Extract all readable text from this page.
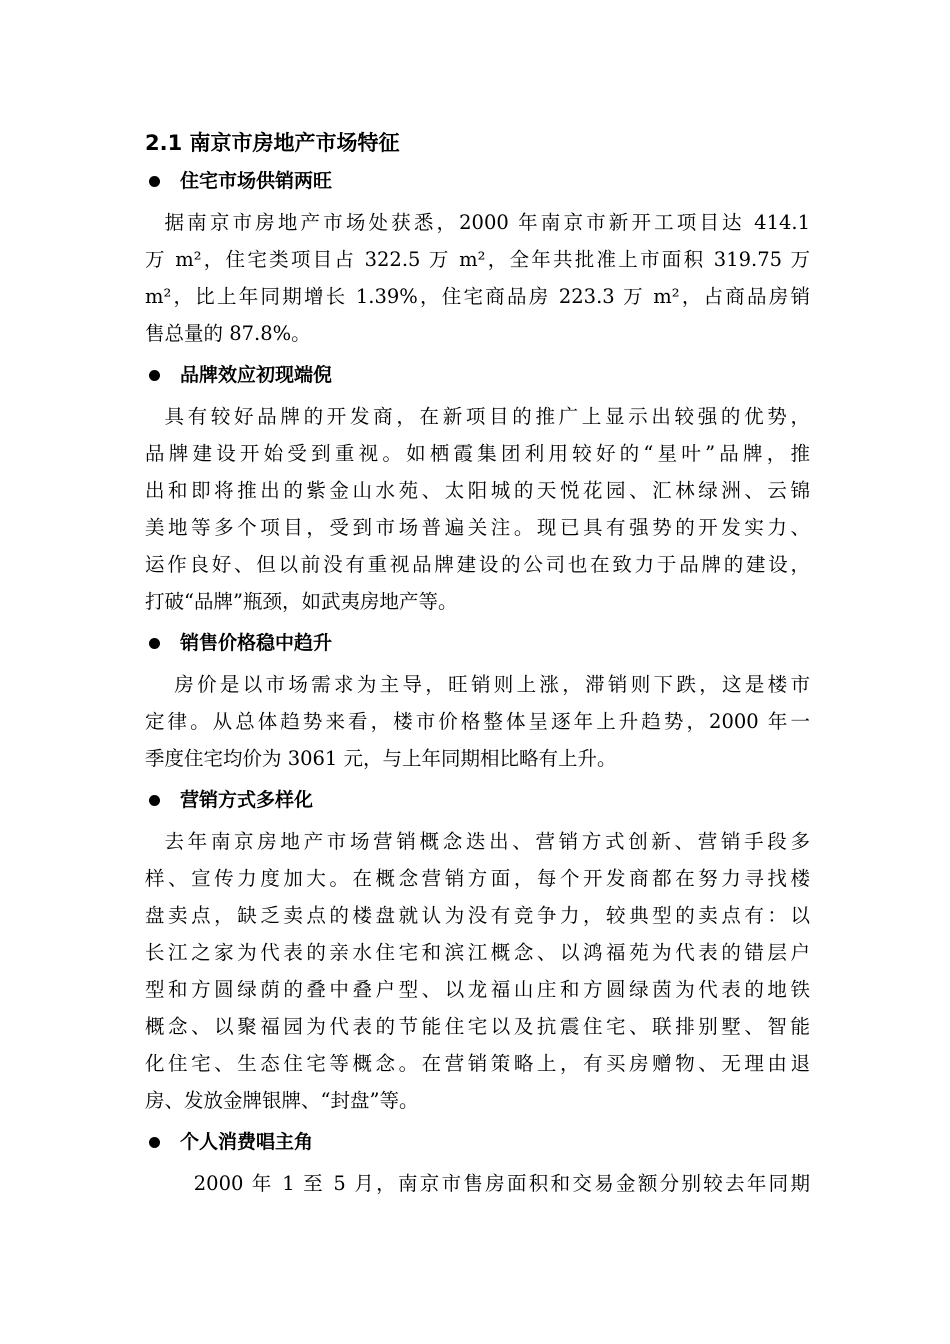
2.1 南京市房地产市场特征
住宅市场供销两旺
据南京市房地产市场处获悉，2000 年南京市新开工项目达 414.1
万 m²，住宅类项目占 322.5 万 m²，全年共批准上市面积 319.75 万
m²，比上年同期增长 1.39%，住宅商品房 223.3 万 m²，占商品房销
售总量的 87.8%。
品牌效应初现端倪
具有较好品牌的开发商，在新项目的推广上显示出较强的优势，
品牌建设开始受到重视。如栖霞集团利用较好的“星叶”品牌，推
出和即将推出的紫金山水苑、太阳城的天悦花园、汇林绿洲、云锦
美地等多个项目，受到市场普遍关注。现已具有强势的开发实力、
运作良好、但以前没有重视品牌建设的公司也在致力于品牌的建设，
打破“品牌”瓶颈，如武夷房地产等。
销售价格稳中趋升
房价是以市场需求为主导，旺销则上涨，滞销则下跌，这是楼市
定律。从总体趋势来看，楼市价格整体呈逐年上升趋势，2000 年一
季度住宅均价为 3061 元，与上年同期相比略有上升。
营销方式多样化
去年南京房地产市场营销概念迭出、营销方式创新、营销手段多
样、宣传力度加大。在概念营销方面，每个开发商都在努力寻找楼
盘卖点，缺乏卖点的楼盘就认为没有竞争力，较典型的卖点有：以
长江之家为代表的亲水住宅和滨江概念、以鸿福苑为代表的错层户
型和方圆绿荫的叠中叠户型、以龙福山庄和方圆绿茵为代表的地铁
概念、以聚福园为代表的节能住宅以及抗震住宅、联排别墅、智能
化住宅、生态住宅等概念。在营销策略上，有买房赠物、无理由退
房、发放金牌银牌、“封盘”等。
个人消费唱主角
2000 年 1 至 5 月，南京市售房面积和交易金额分别较去年同期
